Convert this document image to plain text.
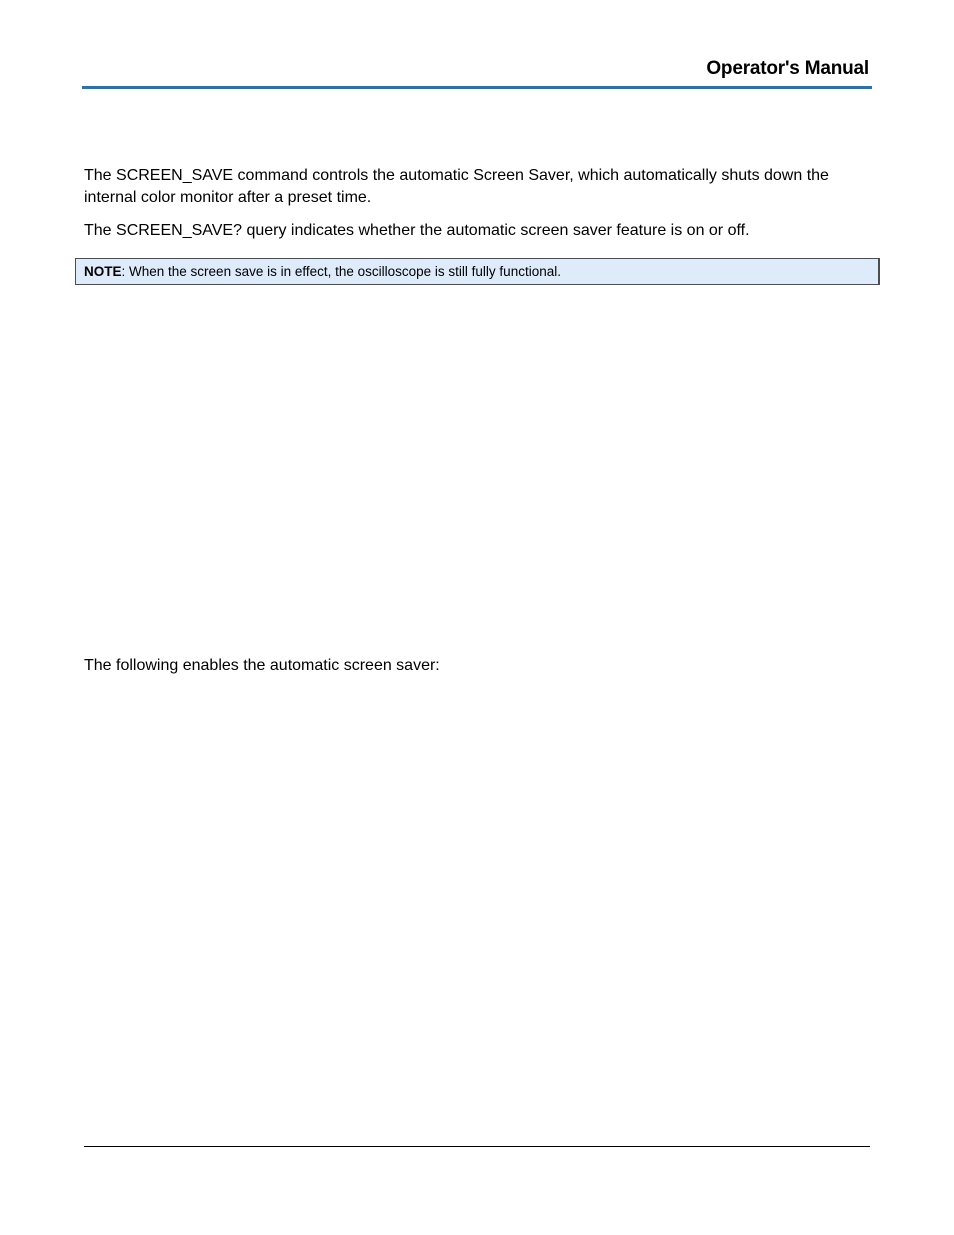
Operator's Manual

The SCREEN_SAVE command controls the automatic Screen Saver, which automatically shuts down the internal color monitor after a preset time.

The SCREEN_SAVE? query indicates whether the automatic screen saver feature is on or off.

NOTE: When the screen save is in effect, the oscilloscope is still fully functional.

The following enables the automatic screen saver:
